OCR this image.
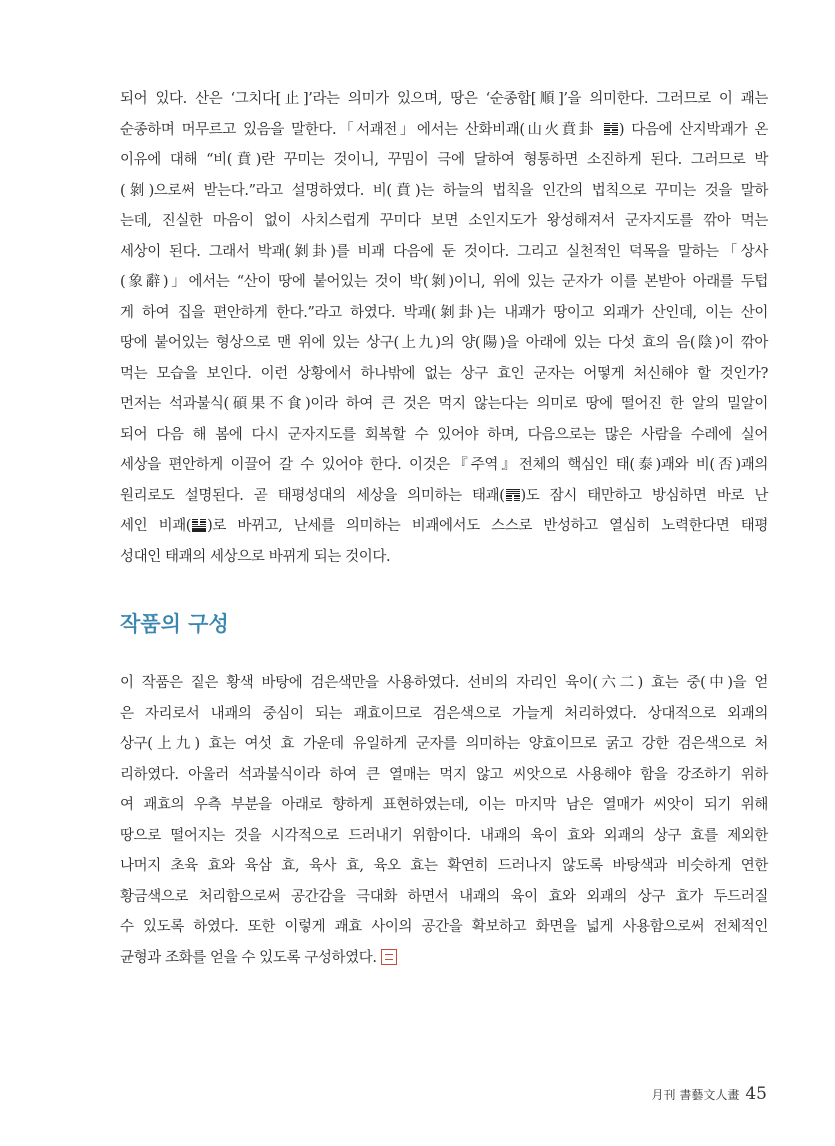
되어 있다. 산은 ‘그치다[止]’라는 의미가 있으며, 땅은 ‘순종함[順]’을 의미한다. 그러므로 이 괘는

순종하며 머무르고 있음을 말한다.「서괘전」에서는 산화비괘(山火賁卦
) 다음에 산지박괘가 온

이유에 대해 “비(賁)란 꾸미는 것이니, 꾸밈이 극에 달하여 형통하면 소진하게 된다. 그러므로 박

(剝)으로써 받는다.”라고 설명하였다. 비(賁)는 하늘의 법칙을 인간의 법칙으로 꾸미는 것을 말하

는데, 진실한 마음이 없이 사치스럽게 꾸미다 보면 소인지도가 왕성해져서 군자지도를 깎아 먹는

세상이 된다. 그래서 박괘(剝卦)를 비괘 다음에 둔 것이다. 그리고 실천적인 덕목을 말하는「상사

(象辭)」에서는 “산이 땅에 붙어있는 것이 박(剝)이니, 위에 있는 군자가 이를 본받아 아래를 두텁

게 하여 집을 편안하게 한다.”라고 하였다. 박괘(剝卦)는 내괘가 땅이고 외괘가 산인데, 이는 산이

땅에 붙어있는 형상으로 맨 위에 있는 상구(上九)의 양(陽)을 아래에 있는 다섯 효의 음(陰)이 깎아

먹는 모습을 보인다. 이런 상황에서 하나밖에 없는 상구 효인 군자는 어떻게 처신해야 할 것인가?

먼저는 석과불식(碩果不食)이라 하여 큰 것은 먹지 않는다는 의미로 땅에 떨어진 한 알의 밀알이

되어 다음 해 봄에 다시 군자지도를 회복할 수 있어야 하며, 다음으로는 많은 사람을 수레에 실어

세상을 편안하게 이끌어 갈 수 있어야 한다. 이것은『주역』전체의 핵심인 태(泰)괘와 비(否)괘의

원리로도 설명된다. 곧 태평성대의 세상을 의미하는 태괘( )도 잠시 태만하고 방심하면 바로 난

세인 비괘( )로 바뀌고, 난세를 의미하는 비괘에서도 스스로 반성하고 열심히 노력한다면 태평

성대인 태괘의 세상으로 바뀌게 되는 것이다.

작품의 구성

이 작품은 짙은 황색 바탕에 검은색만을 사용하였다. 선비의 자리인 육이(六二) 효는 중(中)을 얻

은 자리로서 내괘의 중심이 되는 괘효이므로 검은색으로 가늘게 처리하였다. 상대적으로 외괘의

상구(上九) 효는 여섯 효 가운데 유일하게 군자를 의미하는 양효이므로 굵고 강한 검은색으로 처

리하였다. 아울러 석과불식이라 하여 큰 열매는 먹지 않고 씨앗으로 사용해야 함을 강조하기 위하

여 괘효의 우측 부분을 아래로 향하게 표현하였는데, 이는 마지막 남은 열매가 씨앗이 되기 위해

땅으로 떨어지는 것을 시각적으로 드러내기 위함이다. 내괘의 육이 효와 외괘의 상구 효를 제외한

나머지 초육 효와 육삼 효, 육사 효, 육오 효는 확연히 드러나지 않도록 바탕색과 비슷하게 연한

황금색으로 처리함으로써 공간감을 극대화 하면서 내괘의 육이 효와 외괘의 상구 효가 두드러질

수 있도록 하였다. 또한 이렇게 괘효 사이의 공간을 확보하고 화면을 넓게 사용함으로써 전체적인

균형과 조화를 얻을 수 있도록 구성하였다.

月刊 書藝文人畫 45
